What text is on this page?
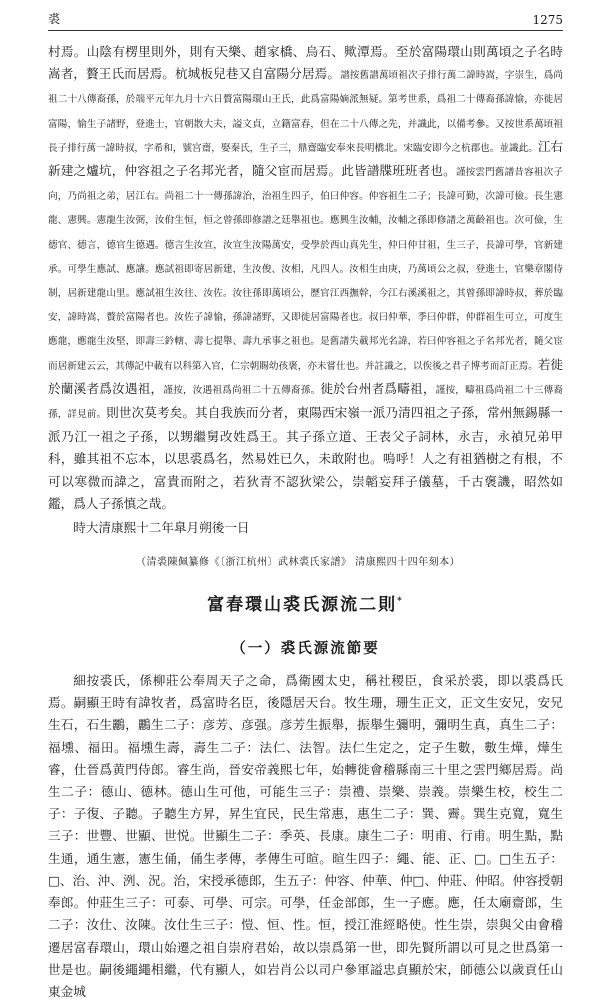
裘	1275

村焉。山陰有楞里則外，則有天樂、趙家橋、烏石、歟潭焉。至於富陽環山則萬頃之子名時嵩者，贅王氏而居焉。杭城板兒巷又自富陽分居焉。譜按舊譜萬頃祖次子排行萬二諱時嵩，字崇生，爲尚祖二十八傳裔孫，於端平元年九月十六日贅富陽環山王氏，此爲富陽嫡派無疑。第考世系，爲祖二十傳裔孫諱愉，亦徙居富陽，愉生子諸野，登進士，官朝散大夫，謚文貞，立籍富春，但在二十八傳之先，并識此，以備考參。又按世系萬頃祖長子排行萬一諱時叔，字希和，號宫齋，娶秦氏，生子三，鼎齋臨安奉來長明橋北。宋臨安即今之杭郡也。並識此。江右新建之爐坑，仲容祖之子名邦光者，隨父宦而居焉。此皆譜牒班班者也。謹按雲門舊譜昔容祖次子向，乃尚祖之弟，居江右。尚祖二十一傳孫諱治，治祖生四子，伯曰仲容。仲容祖生二子；長諱可勤，次諱可儉。長生憲龍、憲興。憲龍生汝弼，汝佾生恒，恒之曾孫即修譜之廷舉祖也。應興生汝輔，汝輔之孫即修譜之萬齡祖也。次可儉，生德官、德言，德官生德遇。德言生汝宣，汝宣生汝陽萬安，受學於西山真先生，仲曰仲甘祖，生三子，長諱可學，官新建承。可學生應試、應讓。應試祖即寄居新建，生汝俊、汝相，凡四人。汝相生由庚，乃萬頃公之叔，登進士，官樂章閣侍制，居新建龍山里。應試祖生汝往、汝佐。汝往孫即萬頃公，歷官江西撫幹，今江右溪溪祖之，其曾孫即諱時叔，葬於臨安，諱時嵩，贅於富陽者也。汝佐子諱愉，孫諱諸野，又即徙居富陽者也。叔曰仲華，季曰仲群，仲群祖生可立，可度生應龍，應龍生汝堅，即壽三鈐轄、壽七提舉、壽九承事之祖也。是舊譜失載邦光名諱，若曰仲容祖之子名邦光者，隨父宦而居新建云云，其傳記中載有以科第入官，仁宗朝賜幼孩褒，亦未嘗仕也。并註識之，以俟後之君子博考而訂正焉。若徙於蘭溪者爲汝遇祖，謹按，汝遇祖爲尚祖二十五傳裔孫。徙於台州者爲疇祖，謹按，疇祖爲尚祖二十三傳裔孫，詳見前。則世次莫考矣。其自我族而分者，東陽西宋嶺一派乃清四祖之子孫，常州無錫縣一派乃江一祖之子孫，以甥繼舅改姓爲王。其子孫立道、王表父子詞林，永吉，永禎兄弟甲科，雖其祖不忘本，以思裘爲名，然易姓已久，未敢附也。嗚呼！人之有祖猶樹之有根，不可以寒微而諱之，富貴而附之，若狄青不認狄梁公，崇韜妄拜子儀墓，千古褒譏，昭然如鑑，爲人子孫慎之哉。

時大清康熙十二年臯月朔後一日

（清裘陳佩纂修《〔浙江杭州〕武林裘氏家譜》 清康熙四十四年刻本）

富春環山裘氏源流二則*
（一）裘氏源流節要

細按裘氏，係柳莊公奉周天子之命，爲衛國太史，稱社稷臣，食采於裘，即以裘爲氏焉。嗣顯王時有諱牧者，爲富時名臣，後隱居天台。牧生珊，珊生正文，正文生安兄，安兄生石，石生鸝，鸝生二子：彦芳、彦强。彦芳生振舉，振舉生彌明，彌明生真，真生二子：福壎、福田。福壎生壽，壽生二子：法仁、法智。法仁生定之，定子生數，數生燁，燁生睿，仕晉爲黄門侍郎。睿生尚，晉安帝義熙七年，始轉徙會稽縣南三十里之雲門鄉居焉。尚生二子：德山、德林。德山生可他，可能生三子：崇禮、崇樂、崇義。崇樂生校，校生二子：子復、子聽。子聽生方昇，昇生宜民，民生常惠，惠生二子：巽、霽。巽生克寬，寬生三子：世豐、世顯、世悦。世顯生二子：季英、長康。康生二子：明甫、行甫。明生點，點生通，通生憲，憲生俑，俑生孝傳，孝傳生可暄。暄生四子：繩、能、正、□。□生五子：□、治、沖、洌、況。治，宋授承德郎，生五子：仲容、仲華、仲□、仲莊、仲昭。仲容授朝奉郎。仲莊生三子：可泰、可學、可宗。可學，任金部郎，生一子應。應，任太廟齋郎，生二子：汝仕、汝陳。汝仕生三子：愷、恒、性。恒，授江淮經略使。性生崇，崇與父由會稽遷居富春環山，環山始遷之祖自崇府君始，故以崇爲第一世，即先賢所謂以可見之世爲第一世是也。嗣後繩繩相繼，代有顯人，如岩肖公以司户參軍謚忠貞顯於宋，師德公以歲貢任山東金城
